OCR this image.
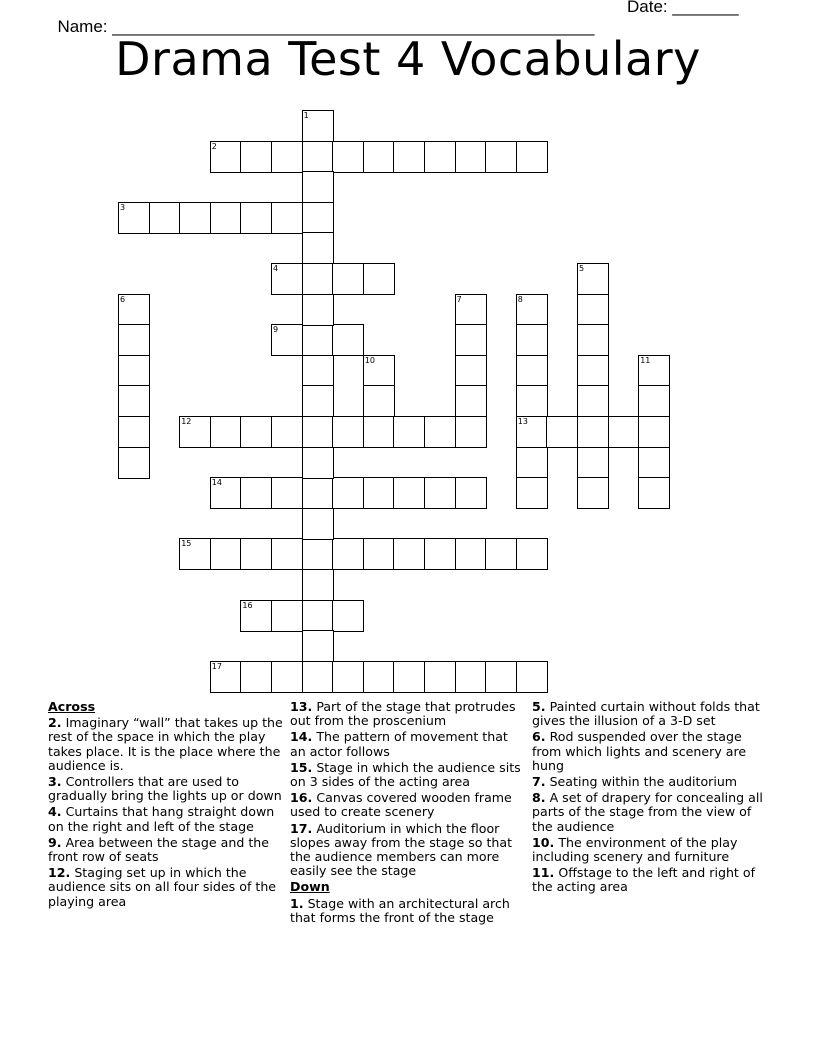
Name: ___________________________________________________

Date: _______

Drama Test 4 Vocabulary
2
3
4
9
12	13
14
15
16
17
1
5
6	7	8
10	11
Across
2. Imaginary “wall” that takes up the rest of the space in which the play takes place. It is the place where the audience is.
3. Controllers that are used to gradually bring the lights up or down
4. Curtains that hang straight down on the right and left of the stage
9. Area between the stage and the front row of seats
12. Staging set up in which the audience sits on all four sides of the playing area
13. Part of the stage that protrudes out from the proscenium
14. The pattern of movement that an actor follows
15. Stage in which the audience sits on 3 sides of the acting area
16. Canvas covered wooden frame used to create scenery
17. Auditorium in which the floor slopes away from the stage so that the audience members can more easily see the stage
Down
1. Stage with an architectural arch that forms the front of the stage
5. Painted curtain without folds that gives the illusion of a 3-D set
6. Rod suspended over the stage from which lights and scenery are hung
7. Seating within the auditorium
8. A set of drapery for concealing all parts of the stage from the view of the audience
10. The environment of the play including scenery and furniture
11. Offstage to the left and right of the acting area
